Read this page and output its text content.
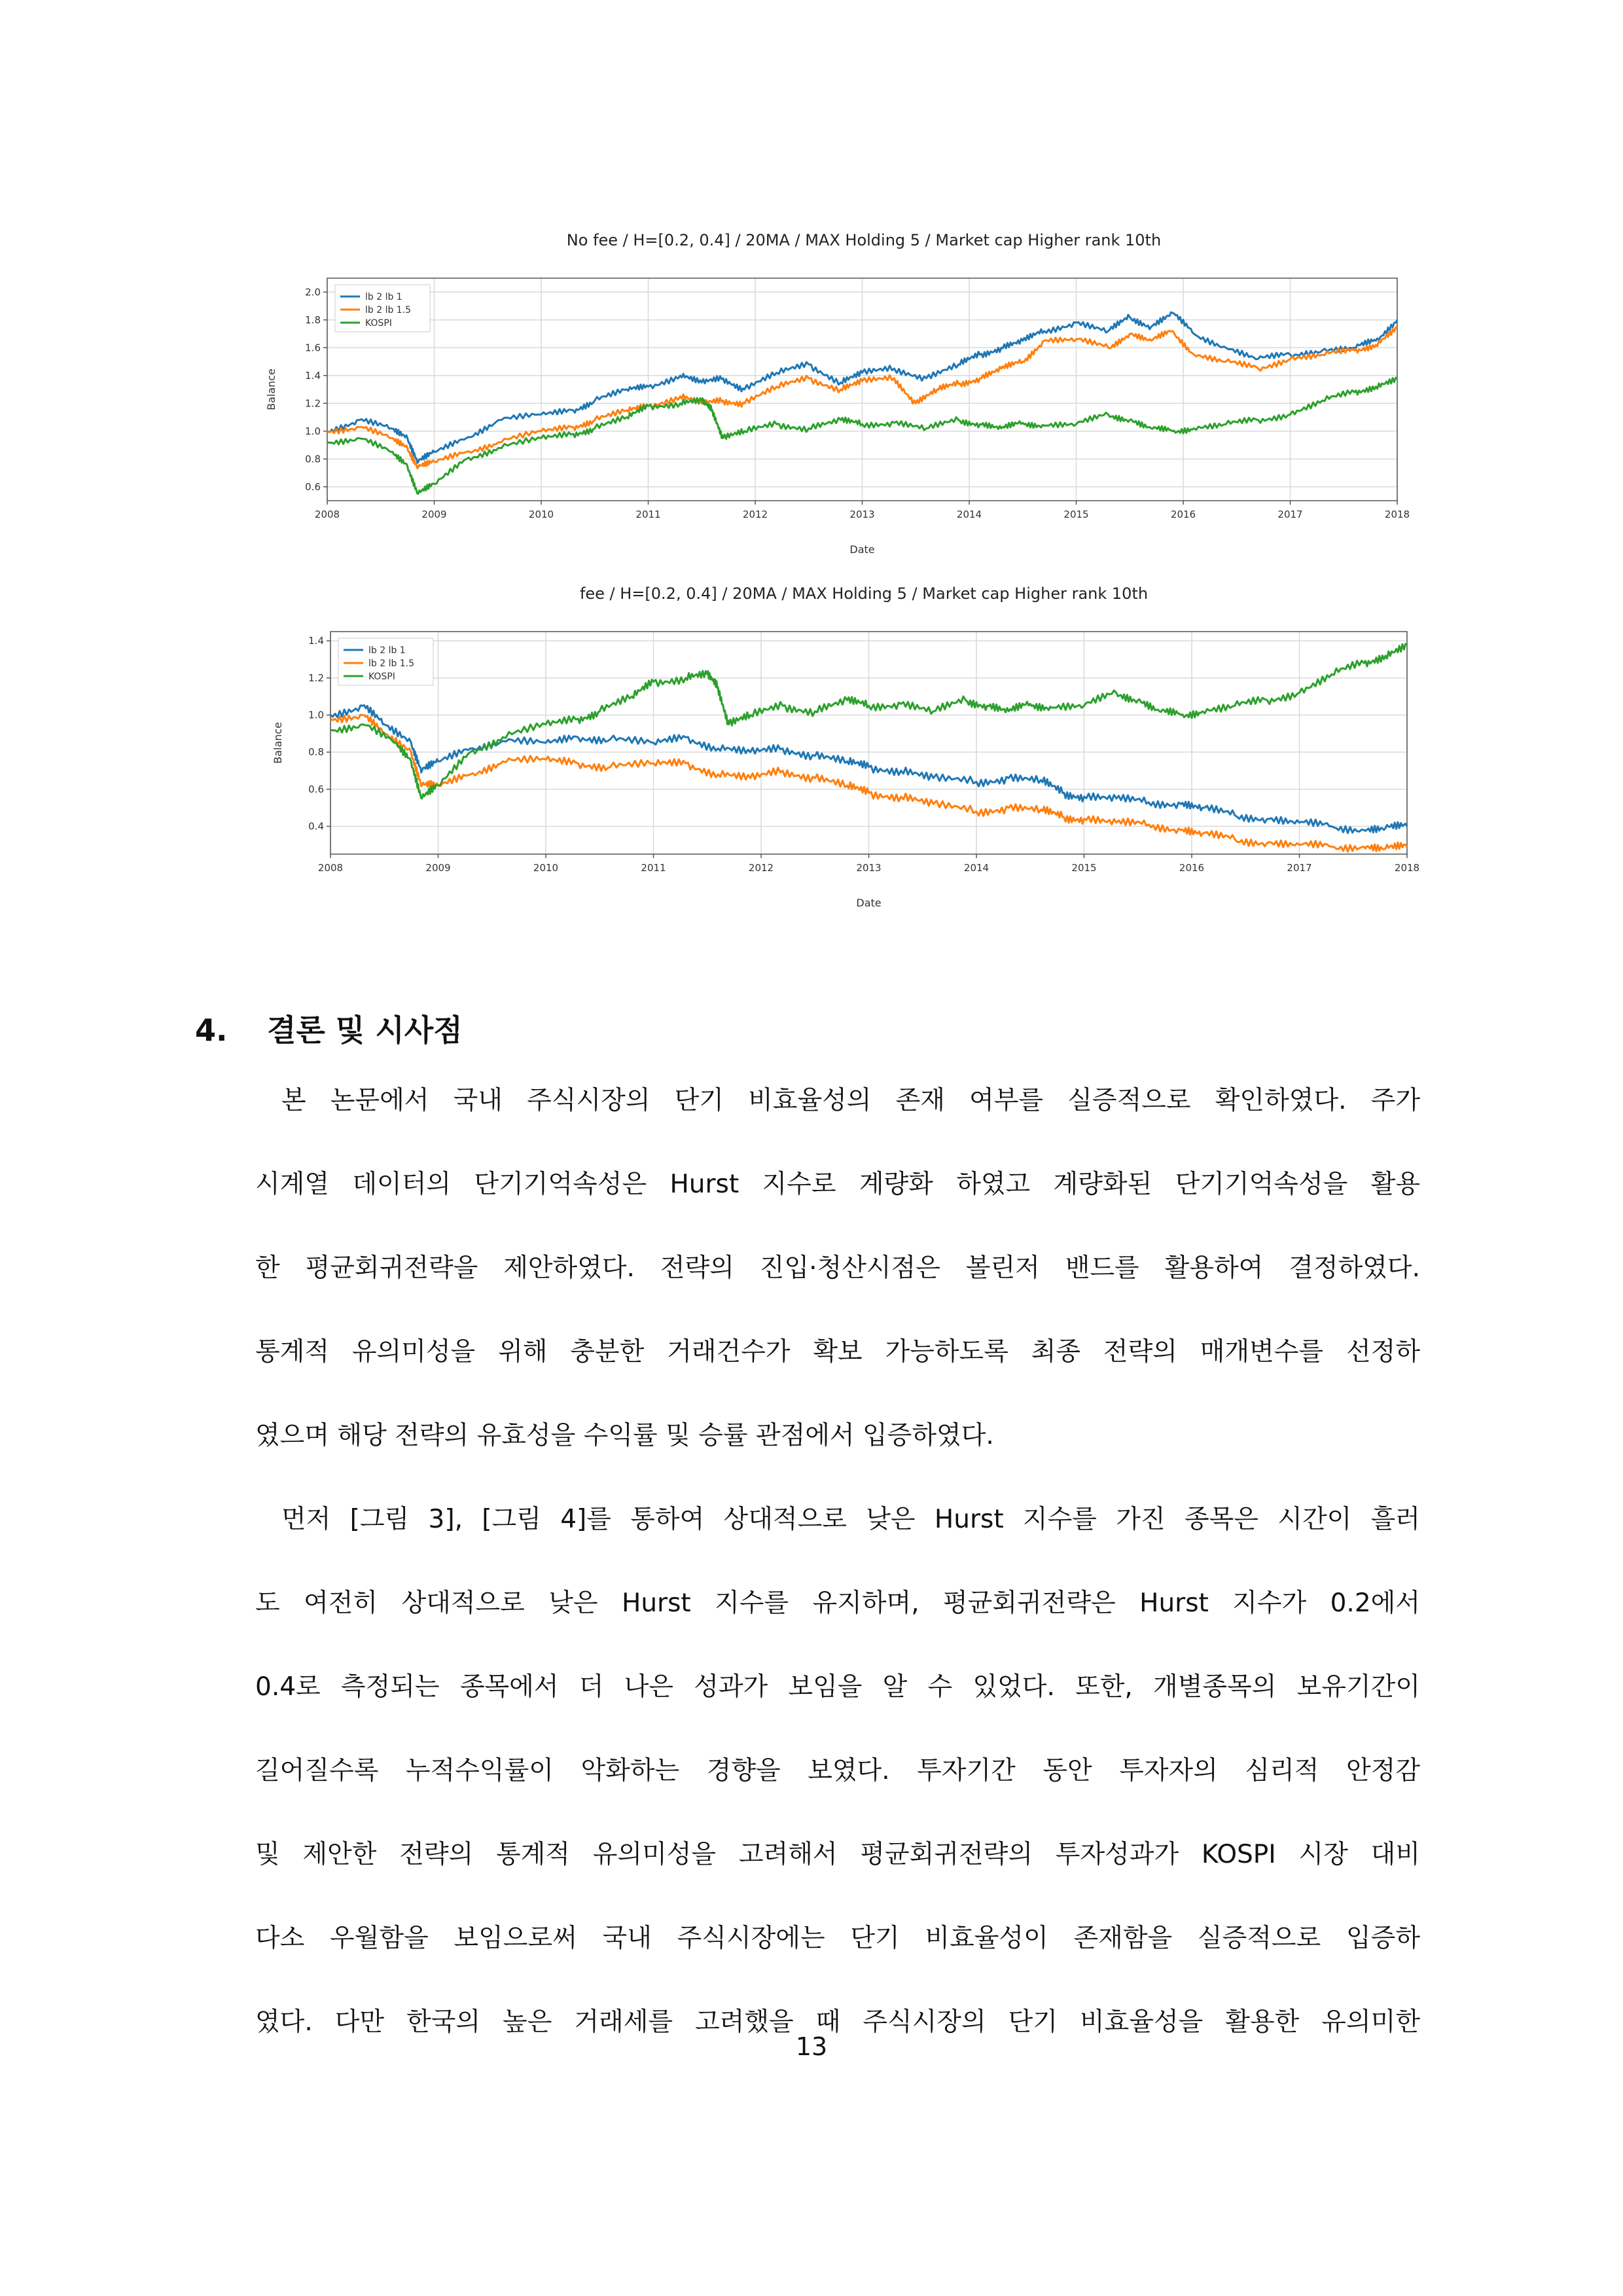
No fee / H=[0.2, 0.4] / 20MA / MAX Holding 5 / Market cap Higher rank 10th
2008	2009	2010	2011	2012	2013	2014	2015	2016	2017	2018
0.6
0.8
1.0
1.2
1.4
1.6
1.8
2.0	lb 2 lb 1
lb 2 lb 1.5
KOSPI
Date
Balance
fee / H=[0.2, 0.4] / 20MA / MAX Holding 5 / Market cap Higher rank 10th
2008	2009	2010	2011	2012	2013	2014	2015	2016	2017	2018
0.4
0.6
0.8
1.0
1.2
1.4
lb 2 lb 1
lb 2 lb 1.5
KOSPI
Date
Balance
4. 결론 및 시사점
본 논문에서 국내 주식시장의 단기 비효율성의 존재 여부를 실증적으로 확인하였다. 주가
시계열 데이터의 단기기억속성은 Hurst 지수로 계량화 하였고 계량화된 단기기억속성을 활용
한 평균회귀전략을 제안하였다. 전략의 진입·청산시점은 볼린저 밴드를 활용하여 결정하였다.
통계적 유의미성을 위해 충분한 거래건수가 확보 가능하도록 최종 전략의 매개변수를 선정하
였으며 해당 전략의 유효성을 수익률 및 승률 관점에서 입증하였다.
먼저 [그림 3], [그림 4]를 통하여 상대적으로 낮은 Hurst 지수를 가진 종목은 시간이 흘러
도 여전히 상대적으로 낮은 Hurst 지수를 유지하며, 평균회귀전략은 Hurst 지수가 0.2에서
0.4로 측정되는 종목에서 더 나은 성과가 보임을 알 수 있었다. 또한, 개별종목의 보유기간이
길어질수록 누적수익률이 악화하는 경향을 보였다. 투자기간 동안 투자자의 심리적 안정감
및 제안한 전략의 통계적 유의미성을 고려해서 평균회귀전략의 투자성과가 KOSPI 시장 대비
다소 우월함을 보임으로써 국내 주식시장에는 단기 비효율성이 존재함을 실증적으로 입증하
였다. 다만 한국의 높은 거래세를 고려했을 때 주식시장의 단기 비효율성을 활용한 유의미한
13
